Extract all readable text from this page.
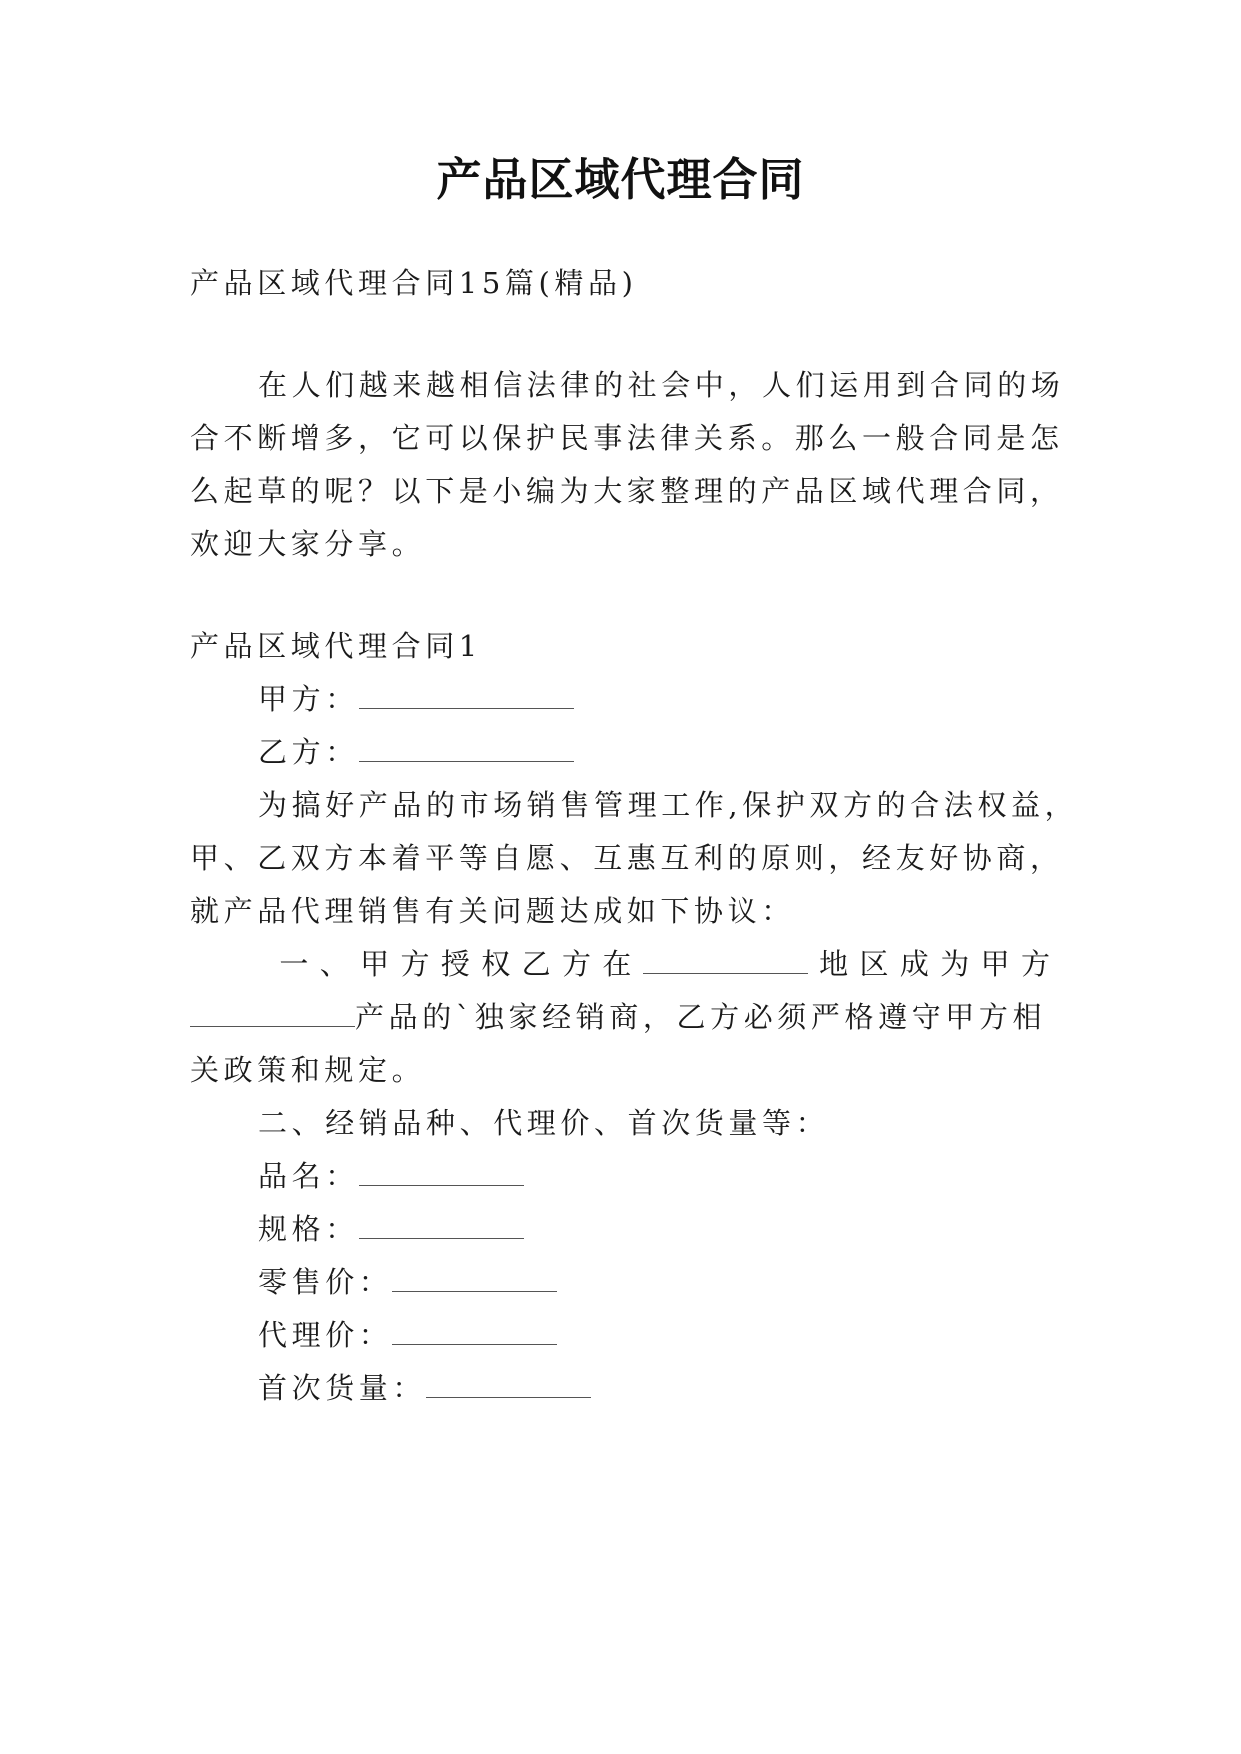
产品区域代理合同
产品区域代理合同15篇(精品)
在人们越来越相信法律的社会中，人们运用到合同的场
合不断增多，它可以保护民事法律关系。那么一般合同是怎
么起草的呢？以下是小编为大家整理的产品区域代理合同，
欢迎大家分享。
产品区域代理合同1
甲方：
乙方：
为搞好产品的市场销售管理工作,保护双方的合法权益，
甲、乙双方本着平等自愿、互惠互利的原则，经友好协商，
就产品代理销售有关问题达成如下协议：
一、甲方授权乙方在	地区成为甲方
产品的`独家经销商，乙方必须严格遵守甲方相
关政策和规定。
二、经销品种、代理价、首次货量等：
品名：
规格：
零售价：
代理价：
首次货量：
